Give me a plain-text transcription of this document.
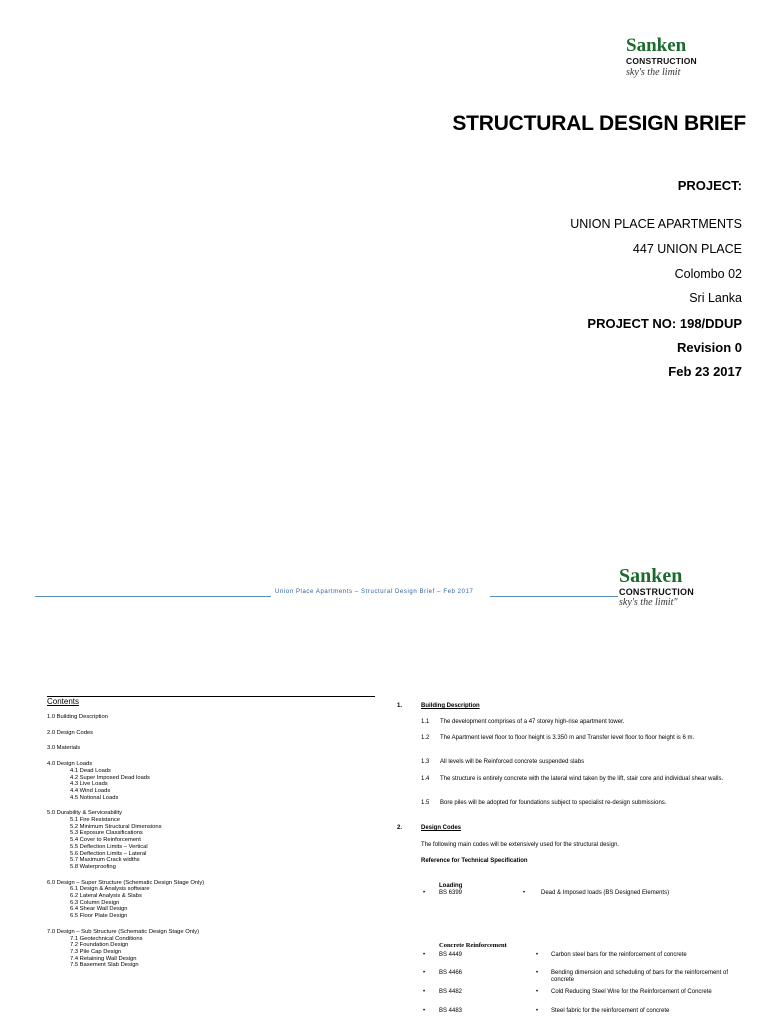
Sanken
CONSTRUCTION
sky's the limit
STRUCTURAL DESIGN BRIEF
PROJECT:
UNION PLACE APARTMENTS
447 UNION PLACE
Colombo 02
Sri Lanka
PROJECT NO: 198/DDUP
Revision 0
Feb 23 2017
Union Place Apartments – Structural Design Brief – Feb 2017
Sanken
CONSTRUCTION
sky's the limit"
Contents
1.0 Building Description
2.0 Design Codes
3.0 Materials
4.0 Design Loads
4.1 Dead Loads
4.2 Super Imposed Dead loads
4.3 Live Loads
4.4 Wind Loads
4.5 Notional Loads
5.0 Durability & Serviceability
5.1 Fire Resistance
5.2 Minimum Structural Dimensions
5.3 Exposure Classifications
5.4 Cover to Reinforcement
5.5 Deflection Limits – Vertical
5.6 Deflection Limits – Lateral
5.7 Maximum Crack widths
5.8 Waterproofing
6.0 Design – Super Structure (Schematic Design Stage Only)
6.1 Design & Analysis software
6.2 Lateral Analysis & Slabs
6.3 Column Design
6.4 Shear Wall Design
6.5 Floor Plate Design
7.0 Design – Sub Structure (Schematic Design Stage Only)
7.1 Geotechnical Conditions
7.2 Foundation Design
7.3 Pile Cap Design
7.4 Retaining Wall Design
7.5 Basement Slab Design
1.	Building Description
1.1 The development comprises of a 47 storey high-rise apartment tower.
1.2 The Apartment level floor to floor height is 3.350 m and Transfer level floor to floor height is 6 m.
1.3 All levels will be Reinforced concrete suspended slabs
1.4 The structure is entirely concrete with the lateral wind taken by the lift, stair core and individual shear walls.
1.5 Bore piles will be adopted for foundations subject to specialist re-design submissions.
2.	Design Codes
The following main codes will be extensively used for the structural design.
Reference for Technical Specification
Loading
• BS 6399	•	Dead & Imposed loads (BS Designed Elements)
Concrete Reinforcement
• BS 4449	• Carbon steel bars for the reinforcement of concrete
• BS 4466	• Bending dimension and scheduling of bars for the reinforcement of concrete
• BS 4482	• Cold Reducing Steel Wire for the Reinforcement of Concrete
• BS 4483	• Steel fabric for the reinforcement of concrete
